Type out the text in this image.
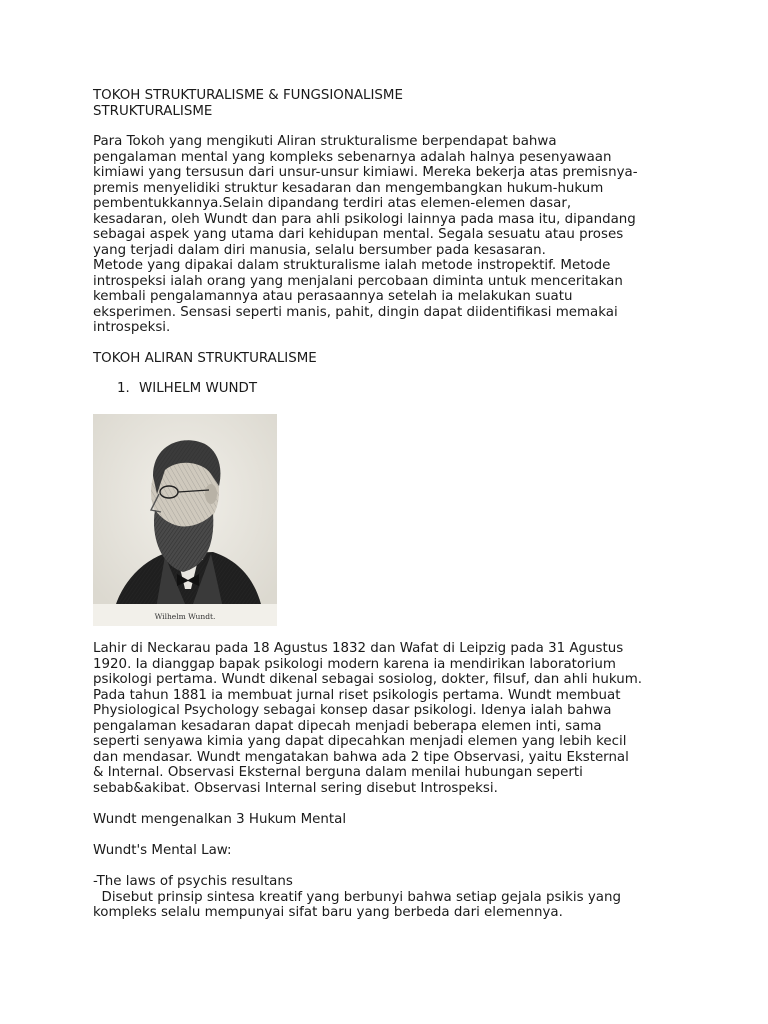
TOKOH STRUKTURALISME & FUNGSIONALISME
STRUKTURALISME
Para Tokoh yang mengikuti Aliran strukturalisme berpendapat bahwa
pengalaman mental yang kompleks sebenarnya adalah halnya pesenyawaan
kimiawi yang tersusun dari unsur-unsur kimiawi. Mereka bekerja atas premisnya-
premis menyelidiki struktur kesadaran dan mengembangkan hukum-hukum
pembentukkannya.Selain dipandang terdiri atas elemen-elemen dasar,
kesadaran, oleh Wundt dan para ahli psikologi lainnya pada masa itu, dipandang
sebagai aspek yang utama dari kehidupan mental. Segala sesuatu atau proses
yang terjadi dalam diri manusia, selalu bersumber pada kesasaran.
Metode yang dipakai dalam strukturalisme ialah metode instropektif. Metode
introspeksi ialah orang yang menjalani percobaan diminta untuk menceritakan
kembali pengalamannya atau perasaannya setelah ia melakukan suatu
eksperimen. Sensasi seperti manis, pahit, dingin dapat diidentifikasi memakai
introspeksi.
TOKOH ALIRAN STRUKTURALISME
1. WILHELM WUNDT
Wilhelm Wundt.
Lahir di Neckarau pada 18 Agustus 1832 dan Wafat di Leipzig pada 31 Agustus
1920. Ia dianggap bapak psikologi modern karena ia mendirikan laboratorium
psikologi pertama. Wundt dikenal sebagai sosiolog, dokter, filsuf, dan ahli hukum.
Pada tahun 1881 ia membuat jurnal riset psikologis pertama. Wundt membuat
Physiological Psychology sebagai konsep dasar psikologi. Idenya ialah bahwa
pengalaman kesadaran dapat dipecah menjadi beberapa elemen inti, sama
seperti senyawa kimia yang dapat dipecahkan menjadi elemen yang lebih kecil
dan mendasar. Wundt mengatakan bahwa ada 2 tipe Observasi, yaitu Eksternal
& Internal. Observasi Eksternal berguna dalam menilai hubungan seperti
sebab&akibat. Observasi Internal sering disebut Introspeksi.
Wundt mengenalkan 3 Hukum Mental
Wundt's Mental Law:
-The laws of psychis resultans
Disebut prinsip sintesa kreatif yang berbunyi bahwa setiap gejala psikis yang
kompleks selalu mempunyai sifat baru yang berbeda dari elemennya.
